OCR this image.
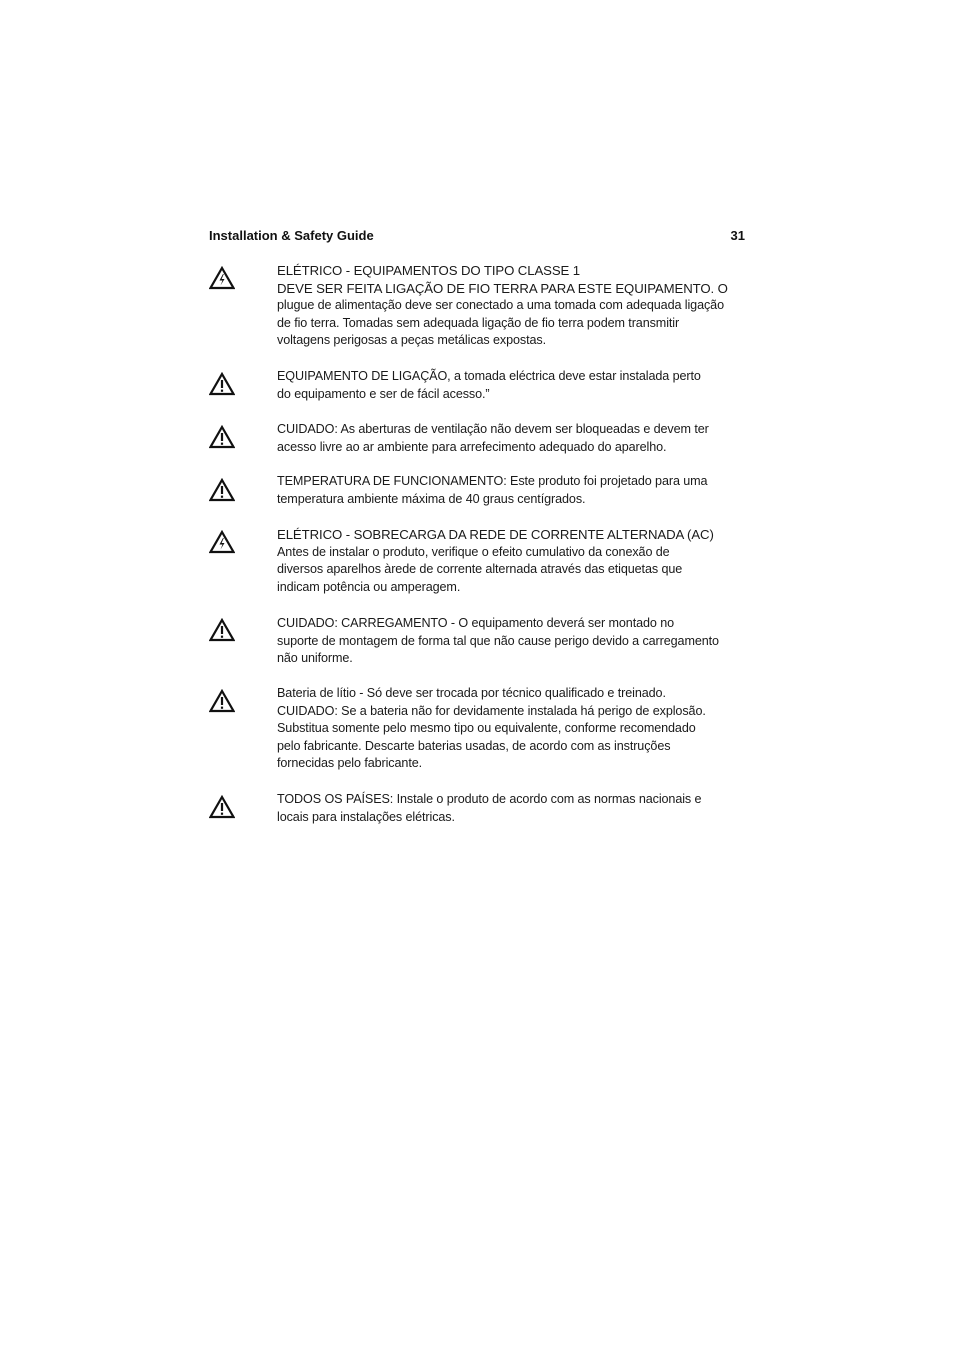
Installation & Safety Guide	31
ELÉTRICO - EQUIPAMENTOS DO TIPO CLASSE 1
DEVE SER FEITA LIGAÇÃO DE FIO TERRA PARA ESTE EQUIPAMENTO. O
plugue de alimentação deve ser conectado a uma tomada com adequada ligação
de fio terra. Tomadas sem adequada ligação de fio terra podem transmitir
voltagens perigosas a peças metálicas expostas.
EQUIPAMENTO DE LIGAÇÃO, a tomada eléctrica deve estar instalada perto
do equipamento e ser de fácil acesso.”
CUIDADO: As aberturas de ventilação não devem ser bloqueadas e devem ter
acesso livre ao ar ambiente para arrefecimento adequado do aparelho.
TEMPERATURA DE FUNCIONAMENTO: Este produto foi projetado para uma
temperatura ambiente máxima de 40 graus centígrados.
ELÉTRICO - SOBRECARGA DA REDE DE CORRENTE ALTERNADA (AC)
Antes de instalar o produto, verifique o efeito cumulativo da conexão de
diversos aparelhos àrede de corrente alternada através das etiquetas que
indicam potência ou amperagem.
CUIDADO: CARREGAMENTO - O equipamento deverá ser montado no
suporte de montagem de forma tal que não cause perigo devido a carregamento
não uniforme.
Bateria de lítio - Só deve ser trocada por técnico qualificado e treinado.
CUIDADO: Se a bateria não for devidamente instalada há perigo de explosão.
Substitua somente pelo mesmo tipo ou equivalente, conforme recomendado
pelo fabricante. Descarte baterias usadas, de acordo com as instruções
fornecidas pelo fabricante.
TODOS OS PAÍSES: Instale o produto de acordo com as normas nacionais e
locais para instalações elétricas.
